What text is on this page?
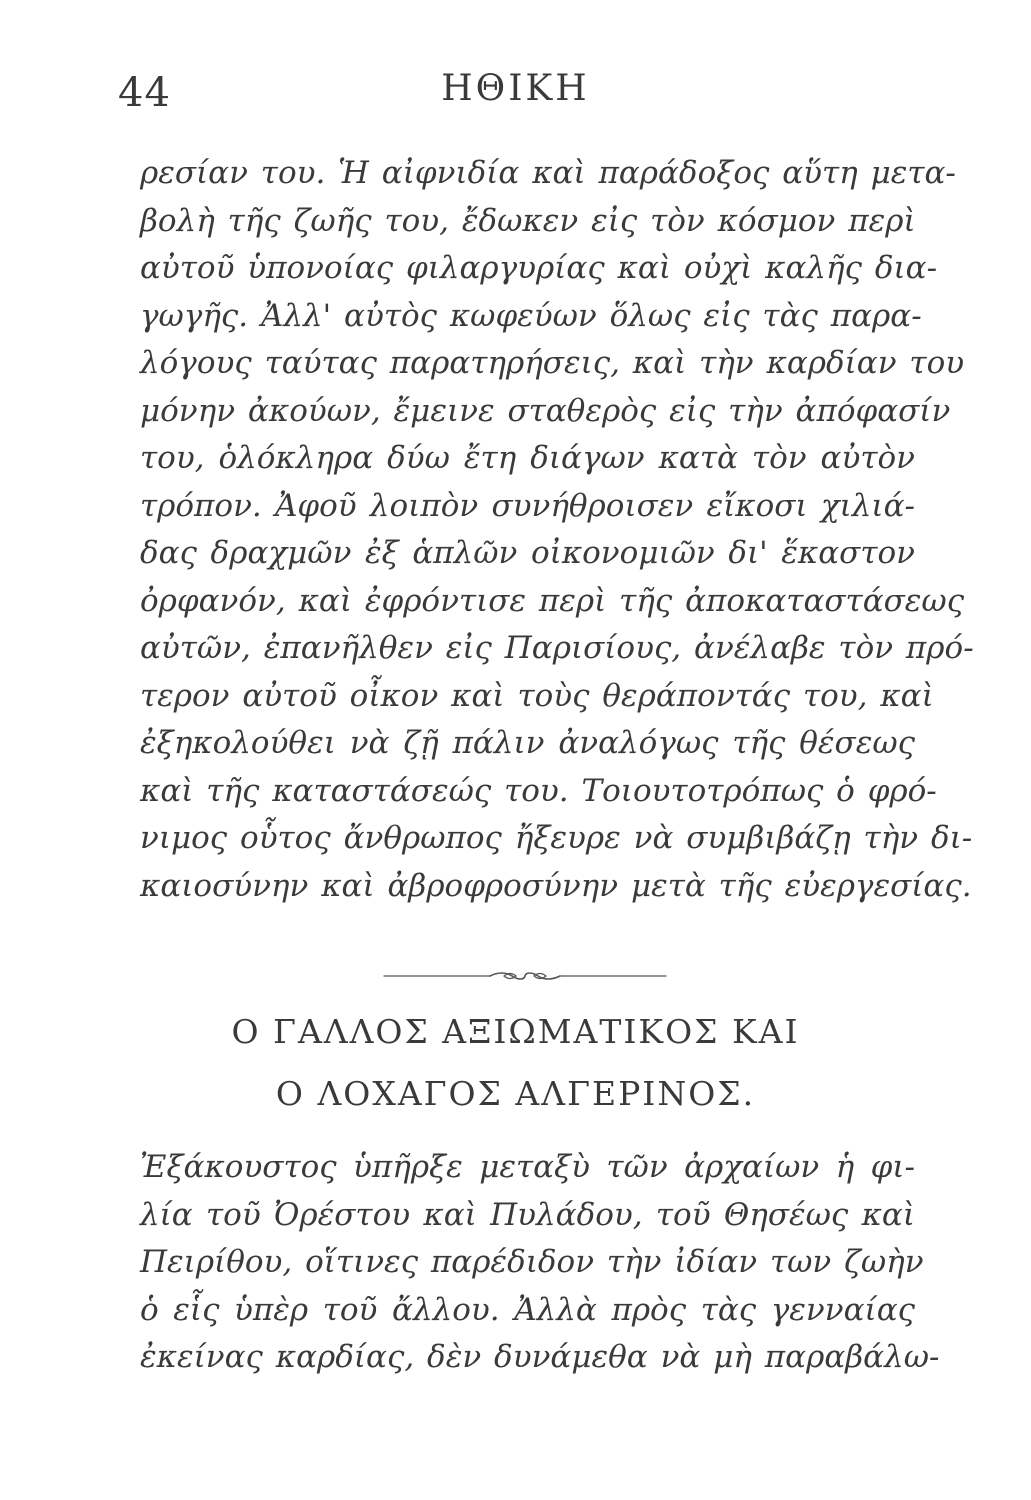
44	ΗΘΙΚΗ

ρεσίαν του. Ἡ αἰφνιδία καὶ παράδοξος αὕτη μετα-
βολὴ τῆς ζωῆς του, ἔδωκεν εἰς τὸν κόσμον περὶ
αὐτοῦ ὑπονοίας φιλαργυρίας καὶ οὐχὶ καλῆς δια-
γωγῆς. Ἀλλ' αὐτὸς κωφεύων ὅλως εἰς τὰς παρα-
λόγους ταύτας παρατηρήσεις, καὶ τὴν καρδίαν του
μόνην ἀκούων, ἔμεινε σταθερὸς εἰς τὴν ἀπόφασίν
του, ὁλόκληρα δύω ἔτη διάγων κατὰ τὸν αὐτὸν
τρόπον. Ἀφοῦ λοιπὸν συνήθροισεν εἴκοσι χιλιά-
δας δραχμῶν ἐξ ἁπλῶν οἰκονομιῶν δι' ἕκαστον
ὀρφανόν, καὶ ἐφρόντισε περὶ τῆς ἀποκαταστάσεως
αὐτῶν, ἐπανῆλθεν εἰς Παρισίους, ἀνέλαβε τὸν πρό-
τερον αὐτοῦ οἶκον καὶ τοὺς θεράποντάς του, καὶ
ἐξηκολούθει νὰ ζῇ πάλιν ἀναλόγως τῆς θέσεως
καὶ τῆς καταστάσεώς του. Τοιουτοτρόπως ὁ φρό-
νιμος οὗτος ἄνθρωπος ἤξευρε νὰ συμβιβάζῃ τὴν δι-
καιοσύνην καὶ ἀβροφροσύνην μετὰ τῆς εὐεργεσίας.

Ο ΓΑΛΛΟΣ ΑΞΙΩΜΑΤΙΚΟΣ ΚΑΙ
Ο ΛΟΧΑΓΟΣ ΑΛΓΕΡΙΝΟΣ.

Ἐξάκουστος ὑπῆρξε μεταξὺ τῶν ἀρχαίων ἡ φι-
λία τοῦ Ὀρέστου καὶ Πυλάδου, τοῦ Θησέως καὶ
Πειρίθου, οἵτινες παρέδιδον τὴν ἰδίαν των ζωὴν
ὁ εἷς ὑπὲρ τοῦ ἄλλου. Ἀλλὰ πρὸς τὰς γενναίας
ἐκείνας καρδίας, δὲν δυνάμεθα νὰ μὴ παραβάλω-
